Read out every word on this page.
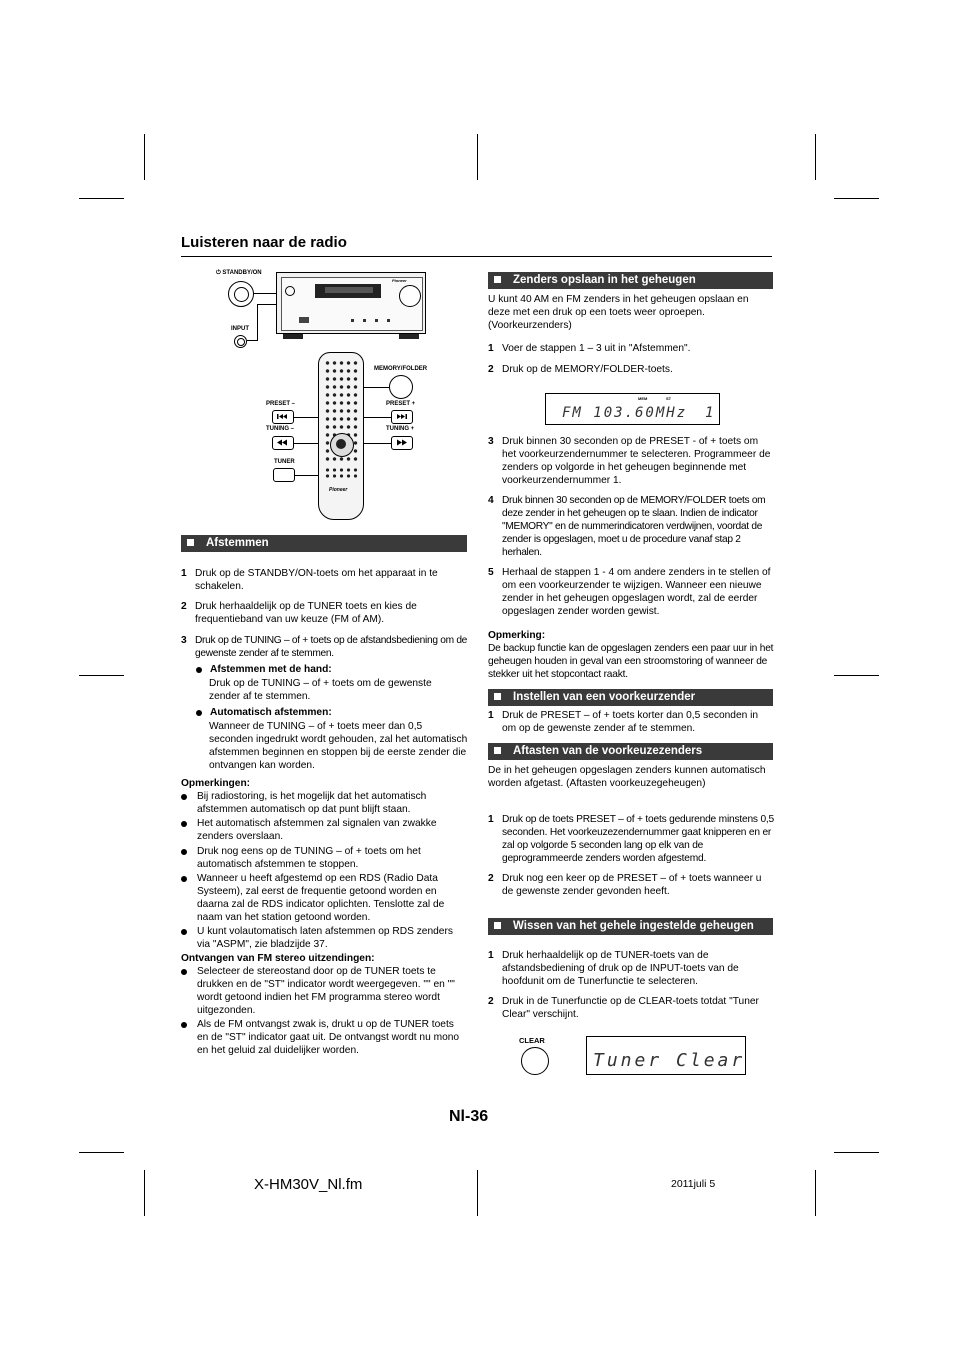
Luisteren naar de radio
⏻ STANDBY/ON
INPUT
Pioneer
Pioneer
MEMORY/FOLDER
PRESET –	PRESET +
TUNING –	TUNING +
TUNER
Afstemmen
1 Druk op de STANDBY/ON-toets om het apparaat in te schakelen.
2 Druk herhaaldelijk op de TUNER toets en kies de frequentieband van uw keuze (FM of AM).
3 Druk op de TUNING – of + toets op de afstandsbediening om de gewenste zender af te stemmen.
Afstemmen met de hand:
Druk op de TUNING – of + toets om de gewenste zender af te stemmen.
Automatisch afstemmen:
Wanneer de TUNING – of + toets meer dan 0,5 seconden ingedrukt wordt gehouden, zal het automatisch afstemmen beginnen en stoppen bij de eerste zender die ontvangen kan worden.
Opmerkingen:
Bij radiostoring, is het mogelijk dat het automatisch afstemmen automatisch op dat punt blijft staan.
Het automatisch afstemmen zal signalen van zwakke zenders overslaan.
Druk nog eens op de TUNING – of + toets om het automatisch afstemmen te stoppen.
Wanneer u heeft afgestemd op een RDS (Radio Data Systeem), zal eerst de frequentie getoond worden en daarna zal de RDS indicator oplichten. Tenslotte zal de naam van het station getoond worden.
U kunt volautomatisch laten afstemmen op RDS zenders via "ASPM", zie bladzijde 37.
Ontvangen van FM stereo uitzendingen:
Selecteer de stereostand door op de TUNER toets te drukken en de "ST" indicator wordt weergegeven. "" en "" wordt getoond indien het FM programma stereo wordt uitgezonden.
Als de FM ontvangst zwak is, drukt u op de TUNER toets en de "ST" indicator gaat uit. De ontvangst wordt nu mono en het geluid zal duidelijker worden.
Zenders opslaan in het geheugen
U kunt 40 AM en FM zenders in het geheugen opslaan en deze met een druk op een toets weer oproepen. (Voorkeurzenders)
1 Voer de stappen 1 – 3 uit in "Afstemmen".
2 Druk op de MEMORY/FOLDER-toets.
MEM	ST
FM 103.60MHz 1
3 Druk binnen 30 seconden op de PRESET - of + toets om het voorkeurzendernummer te selecteren. Programmeer de zenders op volgorde in het geheugen beginnende met voorkeurzendernummer 1.
4 Druk binnen 30 seconden op de MEMORY/FOLDER toets om deze zender in het geheugen op te slaan. Indien de indicator "MEMORY" en de nummerindicatoren verdwijnen, voordat de zender is opgeslagen, moet u de procedure vanaf stap 2 herhalen.
5 Herhaal de stappen 1 - 4 om andere zenders in te stellen of om een voorkeurzender te wijzigen. Wanneer een nieuwe zender in het geheugen opgeslagen wordt, zal de eerder opgeslagen zender worden gewist.
Opmerking:
De backup functie kan de opgeslagen zenders een paar uur in het geheugen houden in geval van een stroomstoring of wanneer de stekker uit het stopcontact raakt.
Instellen van een voorkeurzender
1 Druk de PRESET – of + toets korter dan 0,5 seconden in om op de gewenste zender af te stemmen.
Aftasten van de voorkeuzezenders
De in het geheugen opgeslagen zenders kunnen automatisch worden afgetast. (Aftasten voorkeuzegeheugen)
1 Druk op de toets PRESET – of + toets gedurende minstens 0,5 seconden. Het voorkeuzezendernummer gaat knipperen en er zal op volgorde 5 seconden lang op elk van de geprogrammeerde zenders worden afgestemd.
2 Druk nog een keer op de PRESET – of + toets wanneer u de gewenste zender gevonden heeft.
Wissen van het gehele ingestelde geheugen
1 Druk herhaaldelijk op de TUNER-toets van de afstandsbediening of druk op de INPUT-toets van de hoofdunit om de Tunerfunctie te selecteren.
2 Druk in de Tunerfunctie op de CLEAR-toets totdat "Tuner Clear" verschijnt.
CLEAR
Tuner Clear
Nl-36
X-HM30V_Nl.fm	2011juli 5
